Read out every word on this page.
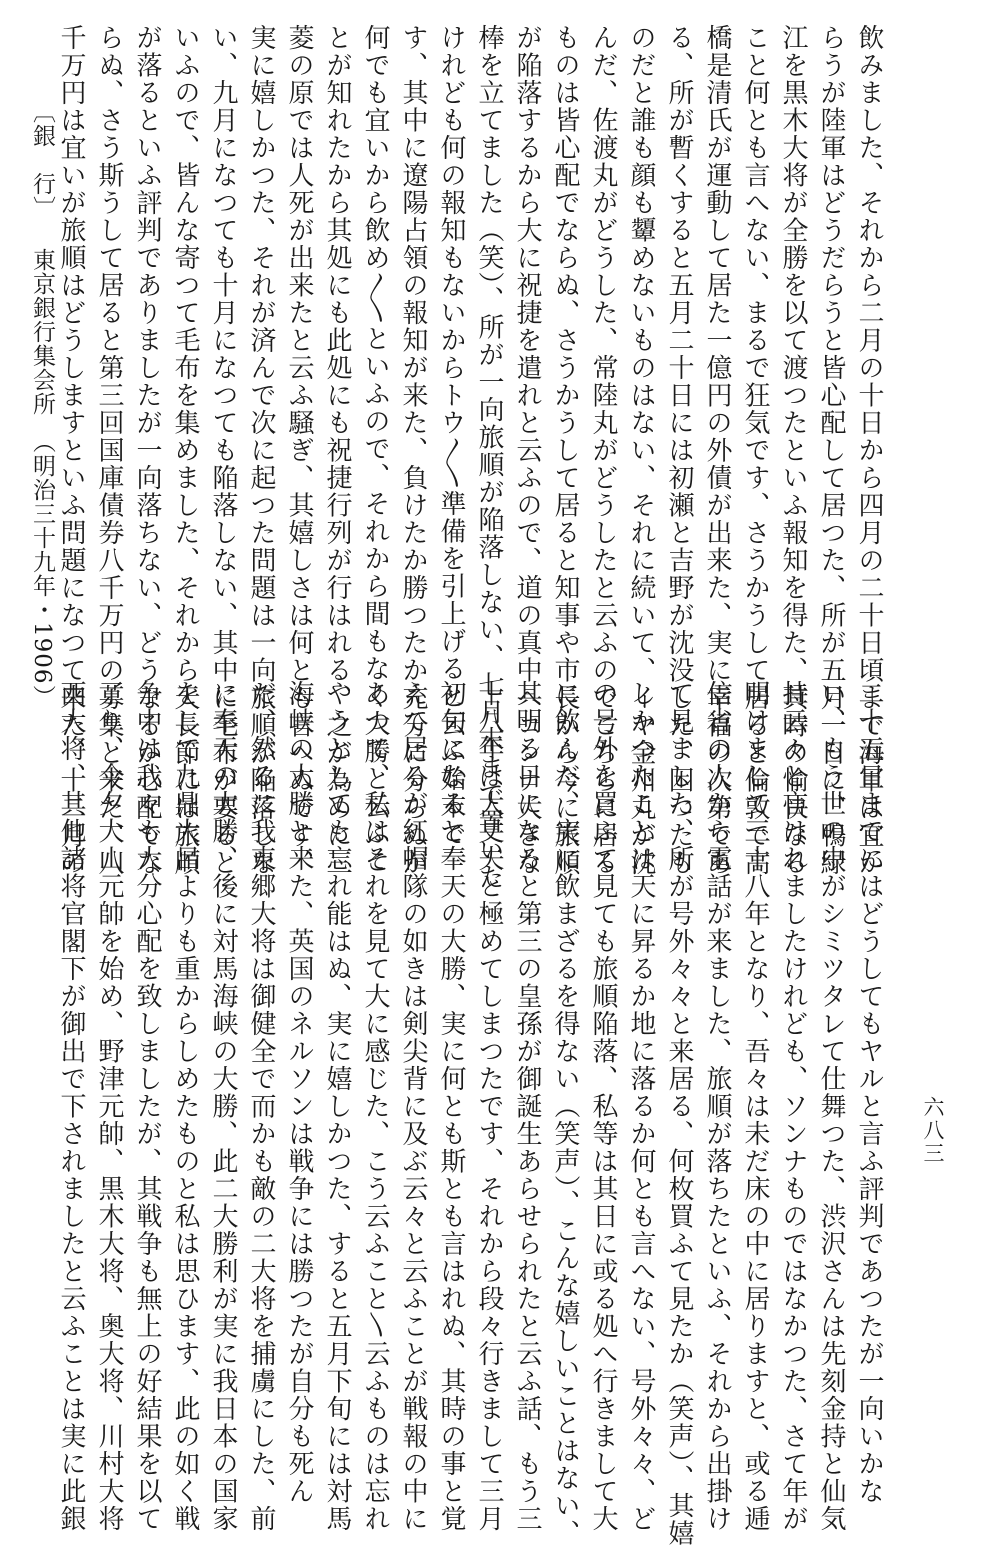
飲みました、それから二月の十日から四月の二十日頃まで海軍は宜か
らうが陸軍はどうだらうと皆心配して居つた、所が五月一日に、鴨緑
江を黒木大将が全勝を以て渡つたといふ報知を得た、其時の愉快なる
こと何とも言へない、まるで狂気です、さうかうして居ると倫敦で高
橋是清氏が運動して居た一億円の外債が出来た、実に幸福の次第であ
る、所が暫くすると五月二十日には初瀬と吉野が沈没した、困つたも
のだと誰も顔も顰めないものはない、それに続いて、イヤ金州丸が沈
んだ、佐渡丸がどうした、常陸丸がどうしたと云ふのでこちらに居る
ものは皆心配でならぬ、さうかうして居ると知事や市長から今に旅順
が陥落するから大に祝捷を遣れと云ふので、道の真中へコンナ大きな
棒を立てました（笑）、所が一向旅順が陥落しない、七月末まで置いた
けれども何の報知もないからトウ〳〵準備を引上げると云ふ始末で
す、其中に遼陽占領の報知が来た、負けたか勝つたか充分に分らぬが
何でも宜いから飲め〳〵といふので、それから間もなく大勝と云ふこ
とが知れたから其処にも此処にも祝捷行列が行はれる、之が為めに三
菱の原では人死が出来たと云ふ騒ぎ、其嬉しさは何とも言へぬです、
実に嬉しかつた、それが済んで次に起つた問題は一向旅順が陥落しな
い、九月になつても十月になつても陥落しない、其中に毛布が要ると
いふので、皆んな寄つて毛布を集めました、それから天長節には旅順
が落るといふ評判でありましたが一向落ちない、どうなるか心配でな
らぬ、さう斯うして居ると第三回国庫債券八千万円の募集と来た、八
千万円は宜いが旅順はどうしますといふ問題になつて来た、十二月の
二十五日までにはどうしてもヤルと言ふ評判であつたが一向いかな
い、もう世の中がシミツタレて仕舞つた、渋沢さんは先刻金持と仙気
持云々と言はれましたけれども、ソンナものではなかつた、さて年が
明けまして三十八年となり、吾々は未だ床の中に居りますと、或る逓
信省の人から電話が来ました、旅順が落ちたといふ、それから出掛け
て見ました、所が号外々々と来居る、何枚買ふて見たか（笑声）、其嬉
しかつたことは天に昇るか地に落るか何とも言へない、号外々々、ど
の号外を買ふて見ても旅順陥落、私等は其日に或る処へ行きまして大
に飲んだ、実に飲まざるを得ない（笑声）、こんな嬉しいことはない、
其明る日になると第三の皇孫が御誕生あらせられたと云ふ話、もう三
十八年は大丈夫と極めてしまつたです、それから段々行きまして三月
初旬になると奉天の大勝、実に何とも斯とも言はれぬ、其時の事と覚
えて居るが紅帽隊の如きは剣尖背に及ぶ云々と云ふことが戦報の中に
あつて、私はそれを見て大に感じた、こう云ふこと〵云ふものは忘れ
やうとしても忘れ能はぬ、実に嬉しかつた、すると五月下旬には対馬
海峡の大勝と来た、英国のネルソンは戦争には勝つたが自分も死ん
だ、然るに我東郷大将は御健全で而かも敵の二大将を捕虜にした、前
に奉天の大勝、後に対馬海峡の大勝、此二大勝利が実に我日本の国家
をして九鼎大呂よりも重からしめたものと私は思ひます、此の如く戦
争中は我々も大分心配を致しましたが、其戦争も無上の好結果を以て
了り、今夕大山元帥を始め、野津元帥、黒木大将、奥大将、川村大将
西大将、其他諸将官閣下が御出で下されましたと云ふことは実に此銀
〔銀　行〕
東京銀行集会所
（明治三十九年・1906）
六八三
